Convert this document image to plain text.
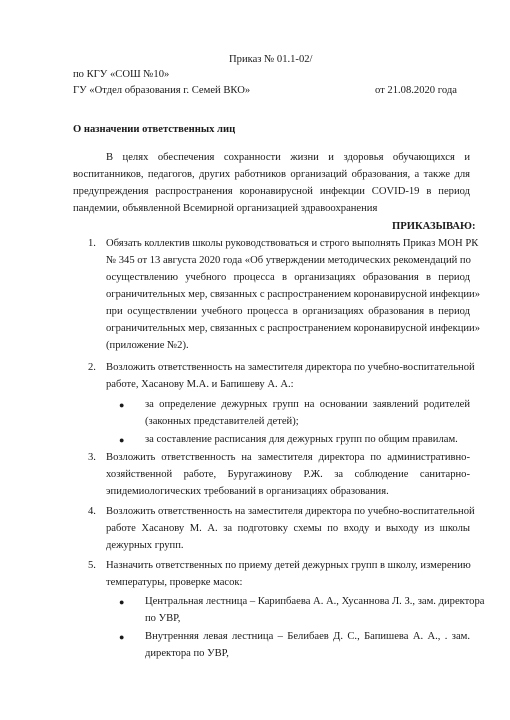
Приказ № 01.1-02/
по КГУ «СОШ №10»
ГУ «Отдел образования г. Семей ВКО»	от 21.08.2020 года
О назначении ответственных лиц
В целях обеспечения сохранности жизни и здоровья обучающихся и
воспитанников, педагогов, других работников организаций образования, а также для
предупреждения распространения коронавирусной инфекции COVID-19 в период
пандемии, объявленной Всемирной организацией здравоохранения
ПРИКАЗЫВАЮ:
1. Обязать коллектив школы руководствоваться и строго выполнять Приказ МОН РК
№ 345 от 13 августа 2020 года «Об утверждении методических рекомендаций по
осуществлению учебного процесса в организациях образования в период
ограничительных мер, связанных с распространением коронавирусной инфекции»
при осуществлении учебного процесса в организациях образования в период
ограничительных мер, связанных с распространением коронавирусной инфекции»
(приложение №2).
2. Возложить ответственность на заместителя директора по учебно-воспитательной
работе, Хасанову М.А. и Бапишеву А. А.:
● за определение дежурных групп на основании заявлений родителей
(законных представителей детей);
● за составление расписания для дежурных групп по общим правилам.
3. Возложить ответственность на заместителя директора по административно-
хозяйственной работе, Буругажинову Р.Ж. за соблюдение санитарно-
эпидемиологических требований в организациях образования.
4. Возложить ответственность на заместителя директора по учебно-воспитательной
работе Хасанову М. А. за подготовку схемы по входу и выходу из школы
дежурных групп.
5. Назначить ответственных по приему детей дежурных групп в школу, измерению
температуры, проверке масок:
● Центральная лестница – Карипбаева А. А., Хусаннова Л. З., зам. директора
по УВР,
● Внутренняя левая лестница – Белибаев Д. С., Бапишева А. А., . зам.
директора по УВР,
